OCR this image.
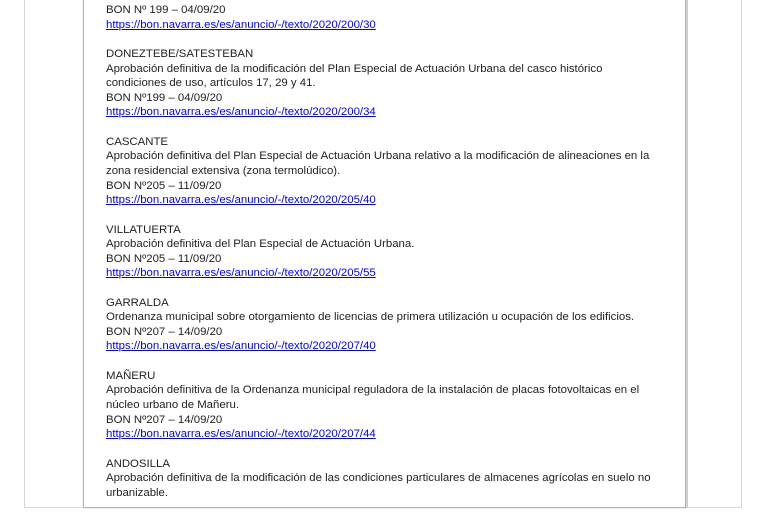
BON Nº 199 – 04/09/20

https://bon.navarra.es/es/anuncio/-/texto/2020/200/30

DONEZTEBE/SATESTEBAN

Aprobación definitiva de la modificación del Plan Especial de Actuación Urbana del casco histórico
condiciones de uso, artículos 17, 29 y 41.

BON Nº199 – 04/09/20

https://bon.navarra.es/es/anuncio/-/texto/2020/200/34

CASCANTE

Aprobación definitiva del Plan Especial de Actuación Urbana relativo a la modificación de alineaciones en la
zona residencial extensiva (zona termolúdico).

BON Nº205 – 11/09/20

https://bon.navarra.es/es/anuncio/-/texto/2020/205/40

VILLATUERTA

Aprobación definitiva del Plan Especial de Actuación Urbana.

BON Nº205 – 11/09/20

https://bon.navarra.es/es/anuncio/-/texto/2020/205/55

GARRALDA

Ordenanza municipal sobre otorgamiento de licencias de primera utilización u ocupación de los edificios.

BON Nº207 – 14/09/20

https://bon.navarra.es/es/anuncio/-/texto/2020/207/40

MAÑERU

Aprobación definitiva de la Ordenanza municipal reguladora de la instalación de placas fotovoltaicas en el
núcleo urbano de Mañeru.

BON Nº207 – 14/09/20

https://bon.navarra.es/es/anuncio/-/texto/2020/207/44

ANDOSILLA

Aprobación definitiva de la modificación de las condiciones particulares de almacenes agrícolas en suelo no
urbanizable.
